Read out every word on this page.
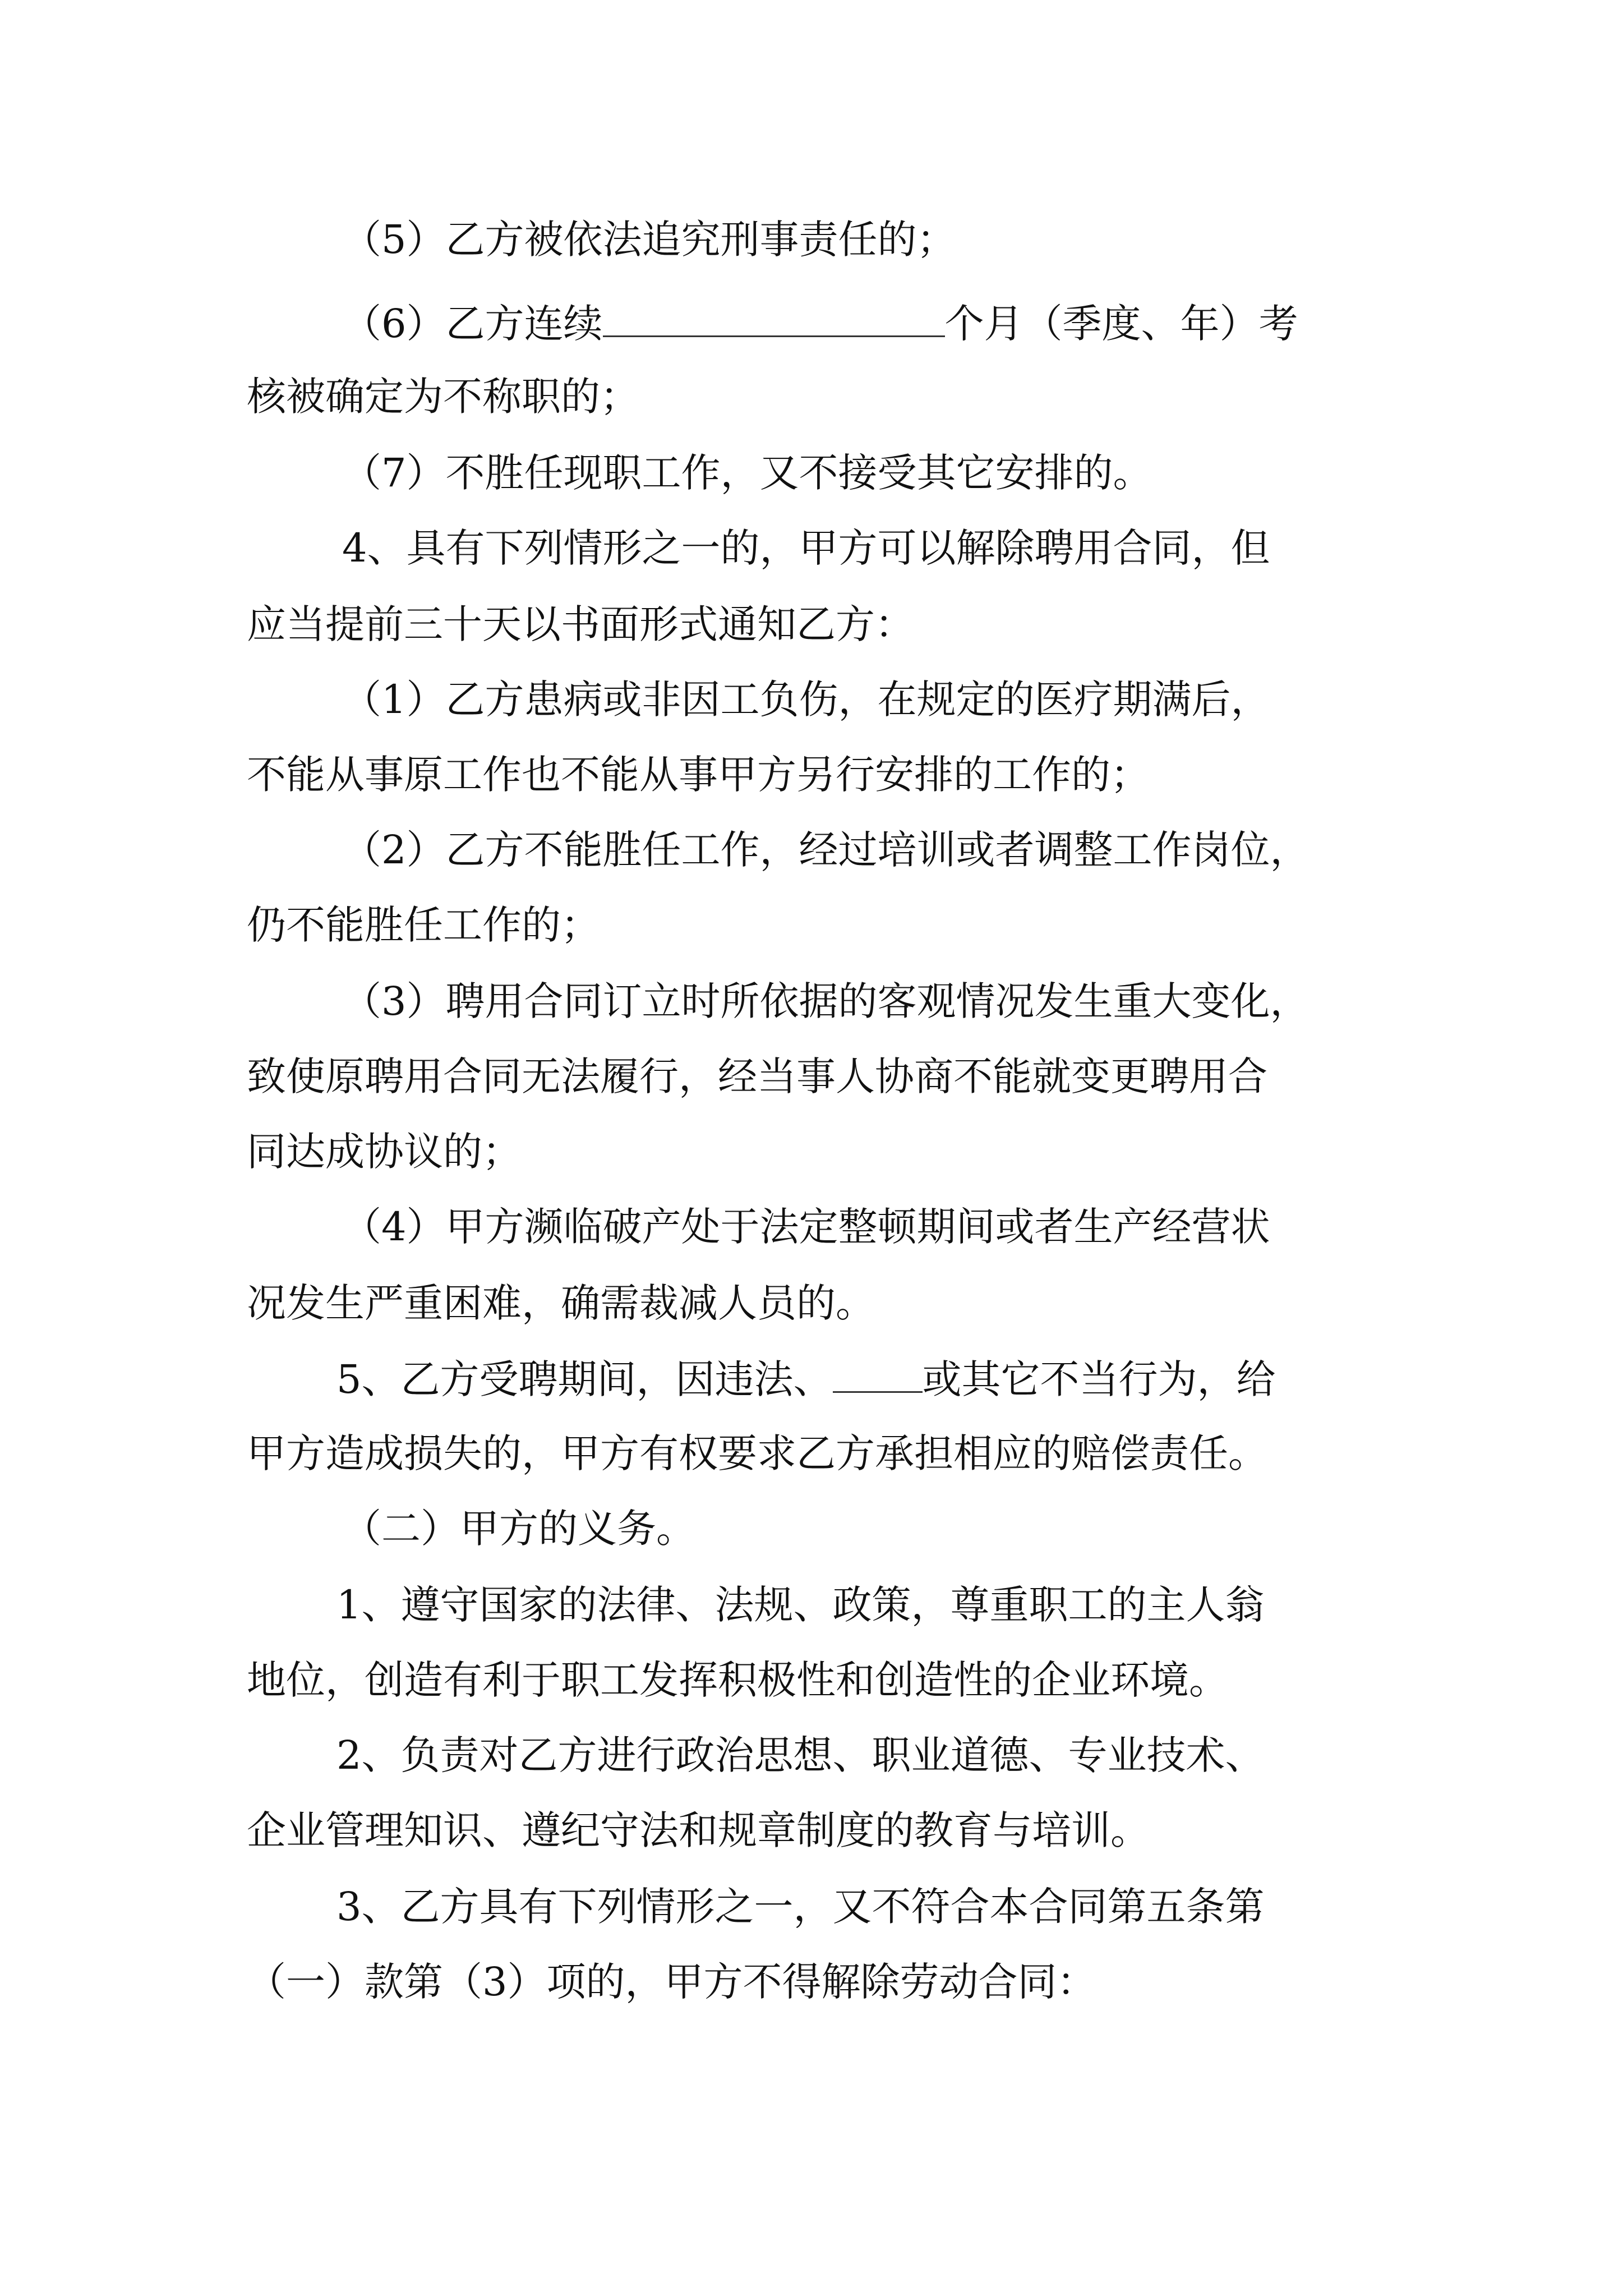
（5）乙方被依法追究刑事责任的；
（6）乙方连续	个月（季度、年）考
核被确定为不称职的；
（7）不胜任现职工作，又不接受其它安排的。
4、具有下列情形之一的，甲方可以解除聘用合同，但
应当提前三十天以书面形式通知乙方：
（1）乙方患病或非因工负伤，在规定的医疗期满后，
不能从事原工作也不能从事甲方另行安排的工作的；
（2）乙方不能胜任工作，经过培训或者调整工作岗位，
仍不能胜任工作的；
（3）聘用合同订立时所依据的客观情况发生重大变化，
致使原聘用合同无法履行，经当事人协商不能就变更聘用合
同达成协议的；
（4）甲方濒临破产处于法定整顿期间或者生产经营状
况发生严重困难，确需裁减人员的。
5、乙方受聘期间，因违法、 或其它不当行为，给
甲方造成损失的，甲方有权要求乙方承担相应的赔偿责任。
（二）甲方的义务。
1、遵守国家的法律、法规、政策，尊重职工的主人翁
地位，创造有利于职工发挥积极性和创造性的企业环境。
2、负责对乙方进行政治思想、职业道德、专业技术、
企业管理知识、遵纪守法和规章制度的教育与培训。
3、乙方具有下列情形之一，又不符合本合同第五条第
（一）款第（3）项的，甲方不得解除劳动合同：
